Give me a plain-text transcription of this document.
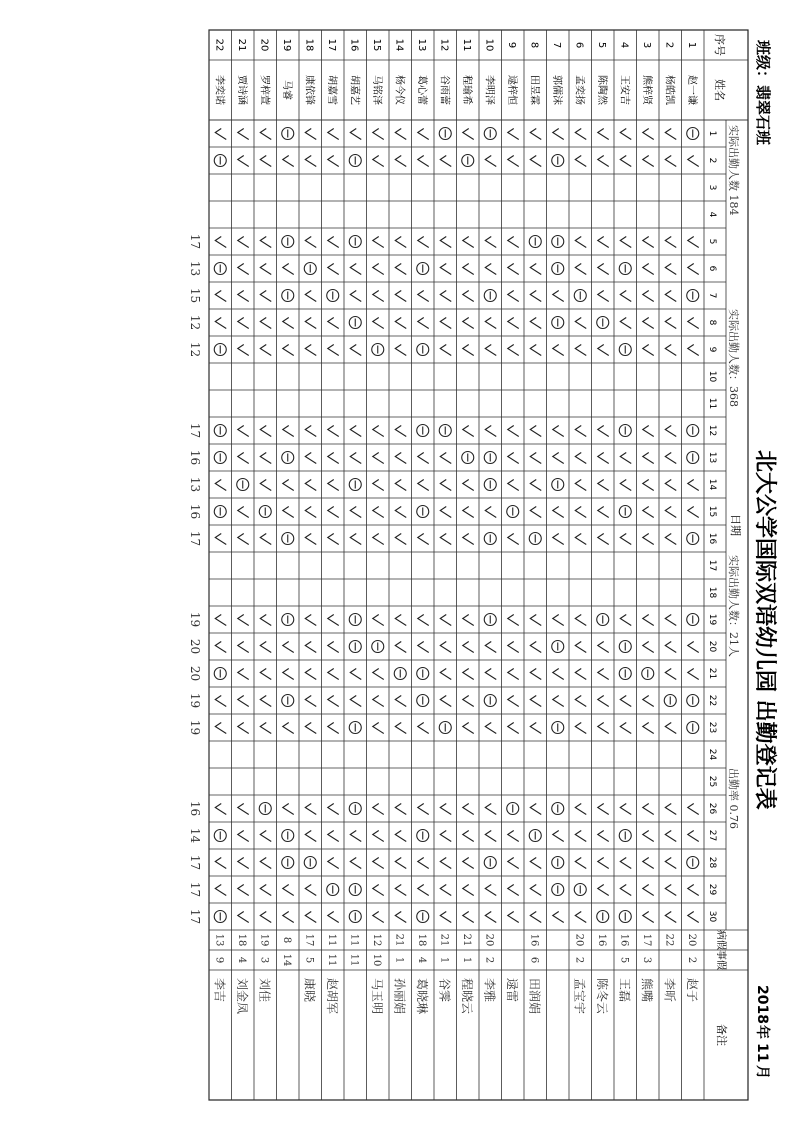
班级：翡翠石班
北大公学国际双语幼儿园 出勤登记表
2018
年
11
月
序号
姓名
日期
病假
事假
备注
1
2
3
4
5
6
7
8
9
10
11
12
13
14
15
16
17
18
19
20
21
22
23
24
25
26
27
28
29
30
1
赵一谦
20
2
赵子
2
杨皓凯
22
李昕
3
熊梓贤
17
3
熊嘴
4
王安吉
16
5
王磊
5
陈陶然
16
陈冬云
6
孟奕扬
20
2
孟宝宇
7
郭儒沫
8
田昱霖
16
6
田润娟
9
逯梓恒
逯雷
10
李明泽
20
2
李雅
11
程瑜希
21
1
程晓云
12
谷雨蕾
21
1
谷霁
13
葛心蕾
18
4
葛晓琳
14
杨今仪
21
1
孙丽娟
15
马铭泽
12
10
马玉明
16
胡嘉艺
11
11
17
胡嘉雪
11
11
赵胡军
18
康依锋
17
5
康晓
19
马睿
8
14
20
罗梓萱
19
3
刘佳
21
贾诗涵
18
4
刘金凤
22
李奕诺
13
9
李吉
17
13
15
12
12
17
16
13
16
17
19
20
20
19
19
16
14
17
17
17
实际出勤人数 184
实际出勤人数：368
实际出勤人数：21人
出勤率 0.76
